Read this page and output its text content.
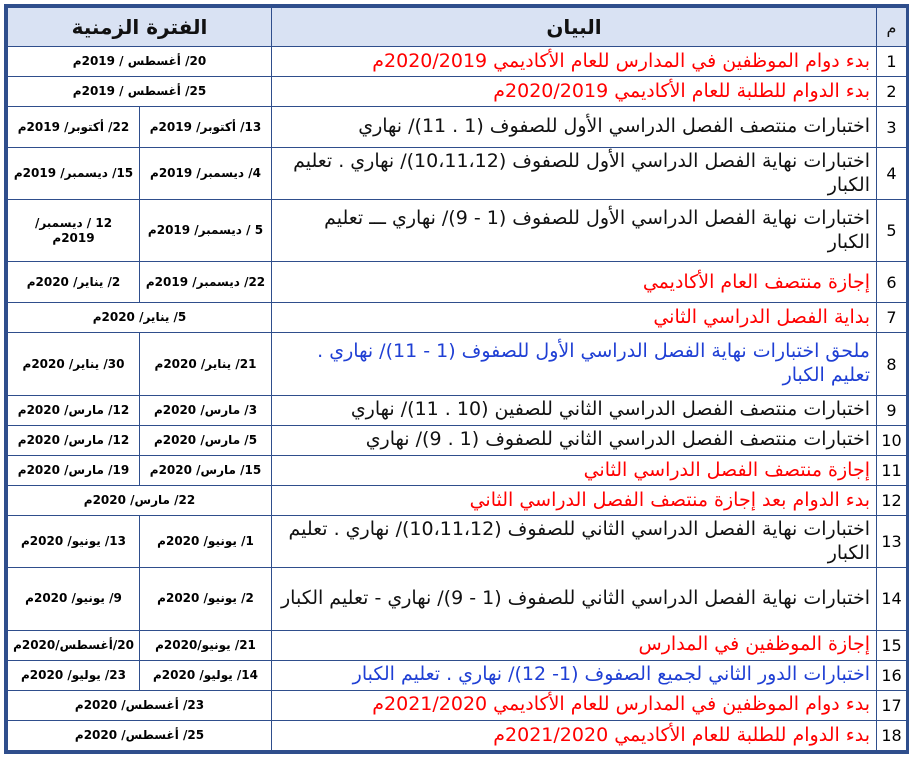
م	البيان	الفترة الزمنية	
1	بدء دوام الموظفين في المدارس للعام الأكاديمي 2020/2019م	20/ أغسطس / 2019م	
2	بدء الدوام للطلبة للعام الأكاديمي 2020/2019م	25/ أغسطس / 2019م	
3	اختبارات منتصف الفصل الدراسي الأول للصفوف (1 . 11)/ نهاري	13/ أكتوبر/ 2019م	22/ أكتوبر/ 2019م
4	اختبارات نهاية الفصل الدراسي الأول للصفوف (10،11،12)/ نهاري . تعليم الكبار	4/ ديسمبر/ 2019م	15/ ديسمبر/ 2019م
5	اختبارات نهاية الفصل الدراسي الأول للصفوف (1 - 9)/ نهاري ـــ تعليم الكبار	5 / ديسمبر/ 2019م	12 / ديسمبر/ 2019م
6	إجازة منتصف العام الأكاديمي	22/ ديسمبر/ 2019م	2/ يناير/ 2020م
7	بداية الفصل الدراسي الثاني	5/ يناير/ 2020م	
8	ملحق اختبارات نهاية الفصل الدراسي الأول للصفوف (1 - 11)/ نهاري . تعليم الكبار	21/ يناير/ 2020م	30/ يناير/ 2020م
9	اختبارات منتصف الفصل الدراسي الثاني للصفين (10 . 11)/ نهاري	3/ مارس/ 2020م	12/ مارس/ 2020م
10	اختبارات منتصف الفصل الدراسي الثاني للصفوف (1 . 9)/ نهاري	5/ مارس/ 2020م	12/ مارس/ 2020م
11	إجازة منتصف الفصل الدراسي الثاني	15/ مارس/ 2020م	19/ مارس/ 2020م
12	بدء الدوام بعد إجازة منتصف الفصل الدراسي الثاني	22/ مارس/ 2020م	
13	اختبارات نهاية الفصل الدراسي الثاني للصفوف (10،11،12)/ نهاري . تعليم الكبار	1/ يونيو/ 2020م	13/ يونيو/ 2020م
14	اختبارات نهاية الفصل الدراسي الثاني للصفوف (1 - 9)/ نهاري - تعليم الكبار	2/ يونيو/ 2020م	9/ يونيو/ 2020م
15	إجازة الموظفين في المدارس	21/ يونيو/2020م	20/أغسطس/2020م
16	اختبارات الدور الثاني لجميع الصفوف (1- 12)/ نهاري . تعليم الكبار	14/ يوليو/ 2020م	23/ يوليو/ 2020م
17	بدء دوام الموظفين في المدارس للعام الأكاديمي 2021/2020م	23/ أغسطس/ 2020م	
18	بدء الدوام للطلبة للعام الأكاديمي 2021/2020م	25/ أغسطس/ 2020م	
